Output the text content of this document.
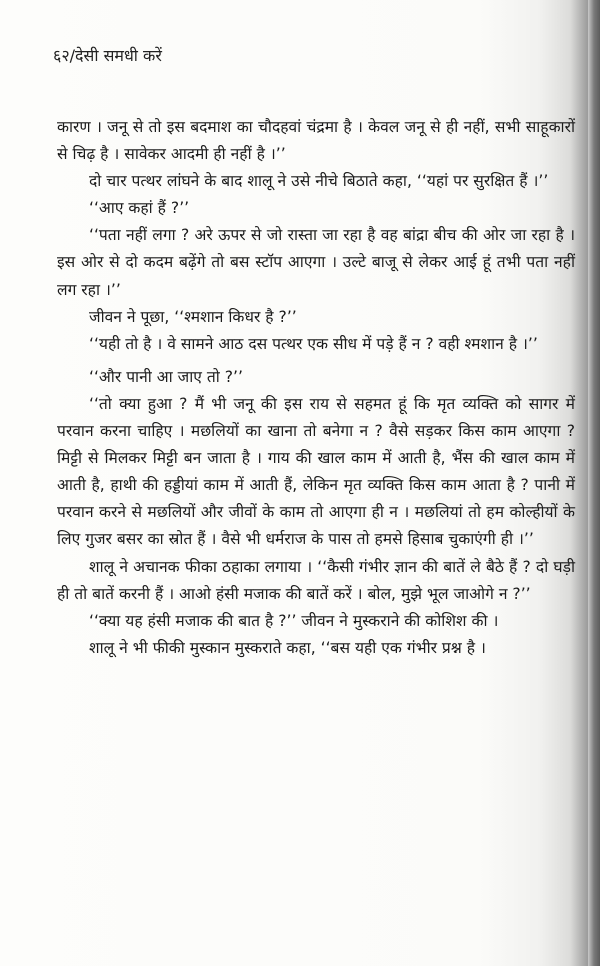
६२/देसी समधी करें

कारण । जनू से तो इस बदमाश का चौदहवां चंद्रमा है । केवल जनू से ही नहीं, सभी साहूकारों से चिढ़ है । सावेकर आदमी ही नहीं है ।’’

दो चार पत्थर लांघने के बाद शालू ने उसे नीचे बिठाते कहा, ‘‘यहां पर सुरक्षित हैं ।’’

‘‘आए कहां हैं ?’’

‘‘पता नहीं लगा ? अरे ऊपर से जो रास्ता जा रहा है वह बांद्रा बीच की ओर जा रहा है । इस ओर से दो कदम बढ़ेंगे तो बस स्टॉप आएगा । उल्टे बाजू से लेकर आई हूं तभी पता नहीं लग रहा ।’’

जीवन ने पूछा, ‘‘श्मशान किधर है ?’’

‘‘यही तो है । वे सामने आठ दस पत्थर एक सीध में पड़े हैं न ? वही श्मशान है ।’’

‘‘और पानी आ जाए तो ?’’

‘‘तो क्या हुआ ? मैं भी जनू की इस राय से सहमत हूं कि मृत व्यक्ति को सागर में परवान करना चाहिए । मछलियों का खाना तो बनेगा न ? वैसे सड़कर किस काम आएगा ? मिट्टी से मिलकर मिट्टी बन जाता है । गाय की खाल काम में आती है, भैंस की खाल काम में आती है, हाथी की हड्डीयां काम में आती हैं, लेकिन मृत व्यक्ति किस काम आता है ? पानी में परवान करने से मछलियों और जीवों के काम तो आएगा ही न । मछलियां तो हम कोल्हीयों के लिए गुजर बसर का स्रोत हैं । वैसे भी धर्मराज के पास तो हमसे हिसाब चुकाएंगी ही ।’’

शालू ने अचानक फीका ठहाका लगाया । ‘‘कैसी गंभीर ज्ञान की बातें ले बैठे हैं ? दो घड़ी ही तो बातें करनी हैं । आओ हंसी मजाक की बातें करें । बोल, मुझे भूल जाओगे न ?’’

‘‘क्या यह हंसी मजाक की बात है ?’’ जीवन ने मुस्कराने की कोशिश की ।

शालू ने भी फीकी मुस्कान मुस्कराते कहा, ‘‘बस यही एक गंभीर प्रश्न है ।
